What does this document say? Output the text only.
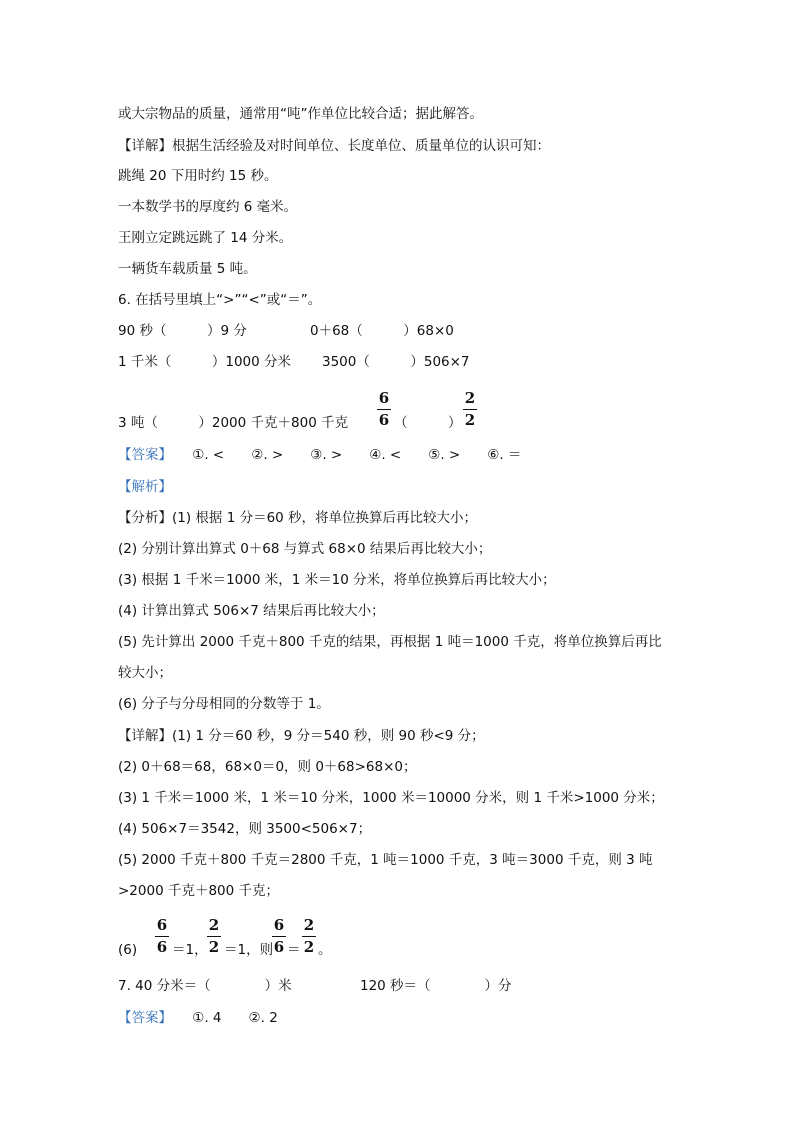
或大宗物品的质量，通常用“吨”作单位比较合适；据此解答。
【详解】根据生活经验及对时间单位、长度单位、质量单位的认识可知：
跳绳 20 下用时约 15 秒。
一本数学书的厚度约 6 毫米。
王刚立定跳远跳了 14 分米。
一辆货车载质量 5 吨。
6. 在括号里填上“>”“<”或“＝”。
90 秒（　　　）9 分	0＋68（　　　）68×0
1 千米（　　　）1000 分米 3500（　　　）506×7
3 吨（　　　）2000 千克＋800 千克
6
6 （　　　）
2
2
【答案】　　 ①. <　　②. >　　③. >　　④. <　　⑤. >　　⑥. ＝
【解析】
【分析】(1) 根据 1 分＝60 秒，将单位换算后再比较大小；
(2) 分别计算出算式 0＋68 与算式 68×0 结果后再比较大小；
(3) 根据 1 千米＝1000 米，1 米＝10 分米，将单位换算后再比较大小；
(4) 计算出算式 506×7 结果后再比较大小；
(5) 先计算出 2000 千克＋800 千克的结果，再根据 1 吨＝1000 千克，将单位换算后再比
较大小；
(6) 分子与分母相同的分数等于 1。
【详解】(1) 1 分＝60 秒，9 分＝540 秒，则 90 秒<9 分；
(2) 0＋68＝68，68×0＝0，则 0＋68>68×0；
(3) 1 千米＝1000 米，1 米＝10 分米，1000 米＝10000 分米，则 1 千米>1000 分米；
(4) 506×7＝3542，则 3500<506×7；
(5) 2000 千克＋800 千克＝2800 千克，1 吨＝1000 千克，3 吨＝3000 千克，则 3 吨
>2000 千克＋800 千克；
(6)
6
6 ＝1，
2
2 ＝1，则
6
6 ＝
2
2 。
7. 40 分米＝（　　　　）米	120 秒＝（　　　　）分
【答案】　　 ①. 4　　②. 2
